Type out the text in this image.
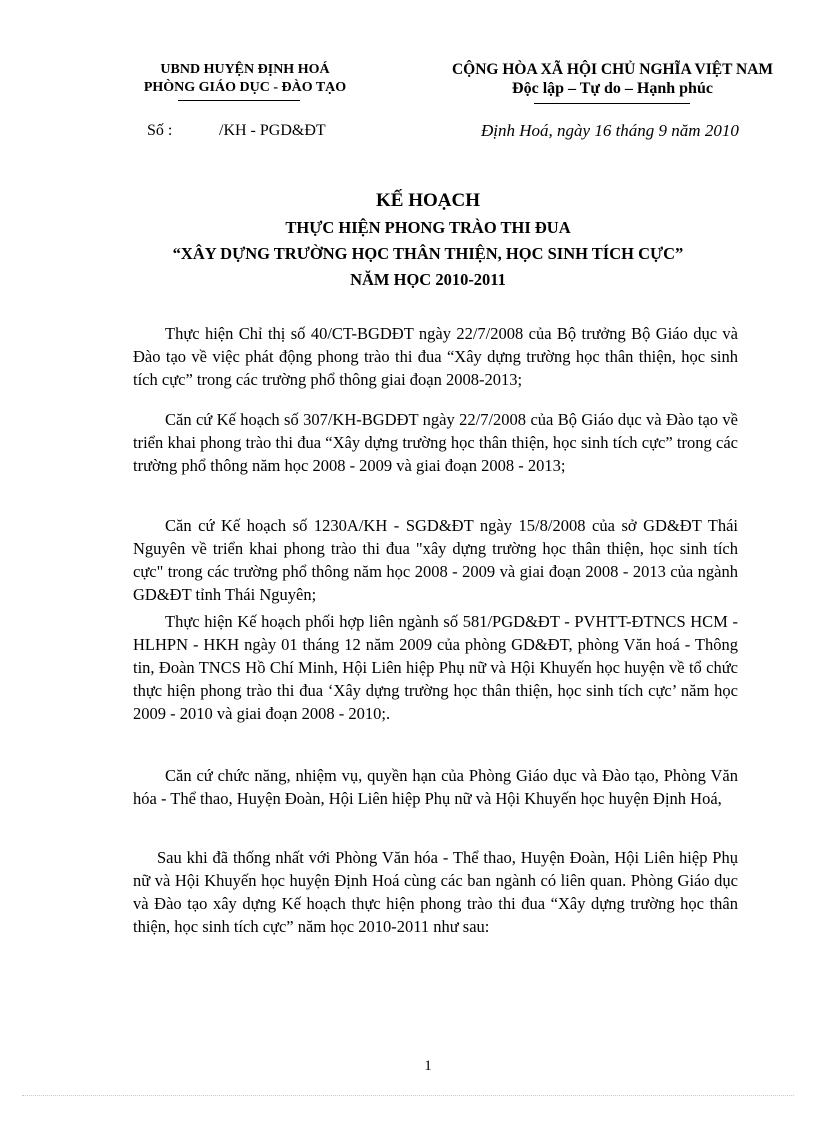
UBND HUYỆN ĐỊNH HOÁ
PHÒNG GIÁO DỤC - ĐÀO TẠO
CỘNG HÒA XÃ HỘI CHỦ NGHĨA VIỆT NAM
Độc lập – Tự do – Hạnh phúc
Số :	/KH - PGD&ĐT	Định Hoá, ngày 16 tháng 9 năm 2010
KẾ HOẠCH
THỰC HIỆN PHONG TRÀO THI ĐUA
“XÂY DỰNG TRƯỜNG HỌC THÂN THIỆN, HỌC SINH TÍCH CỰC”
NĂM HỌC 2010-2011
Thực hiện Chỉ thị số 40/CT-BGDĐT ngày 22/7/2008 của Bộ trưởng Bộ Giáo dục và Đào tạo về việc phát động phong trào thi đua “Xây dựng trường học thân thiện, học sinh tích cực” trong các trường phổ thông giai đoạn 2008-2013;
Căn cứ Kế hoạch số 307/KH-BGDĐT ngày 22/7/2008 của Bộ Giáo dục và Đào tạo về triển khai phong trào thi đua “Xây dựng trường học thân thiện, học sinh tích cực” trong các trường phổ thông năm học 2008 - 2009 và giai đoạn 2008 - 2013;
Căn cứ Kế hoạch số 1230A/KH - SGD&ĐT ngày 15/8/2008 của sở GD&ĐT Thái Nguyên về triển khai phong trào thi đua "xây dựng trường học thân thiện, học sinh tích cực" trong các trường phổ thông năm học 2008 - 2009 và giai đoạn 2008 - 2013 của ngành GD&ĐT tỉnh Thái Nguyên;
Thực hiện Kế hoạch phối hợp liên ngành số 581/PGD&ĐT - PVHTT-ĐTNCS HCM - HLHPN - HKH ngày 01 tháng 12 năm 2009 của phòng GD&ĐT, phòng Văn hoá - Thông tin, Đoàn TNCS Hồ Chí Minh, Hội Liên hiệp Phụ nữ và Hội Khuyến học huyện về tổ chức thực hiện phong trào thi đua ‘Xây dựng trường học thân thiện, học sinh tích cực’ năm học 2009 - 2010 và giai đoạn 2008 - 2010;.
Căn cứ chức năng, nhiệm vụ, quyền hạn của Phòng Giáo dục và Đào tạo, Phòng Văn hóa - Thể thao, Huyện Đoàn, Hội Liên hiệp Phụ nữ và Hội Khuyến học huyện Định Hoá,
Sau khi đã thống nhất với Phòng Văn hóa - Thể thao, Huyện Đoàn, Hội Liên hiệp Phụ nữ và Hội Khuyến học huyện Định Hoá cùng các ban ngành có liên quan. Phòng Giáo dục và Đào tạo xây dựng Kế hoạch thực hiện phong trào thi đua “Xây dựng trường học thân thiện, học sinh tích cực” năm học 2010-2011 như sau:
1
